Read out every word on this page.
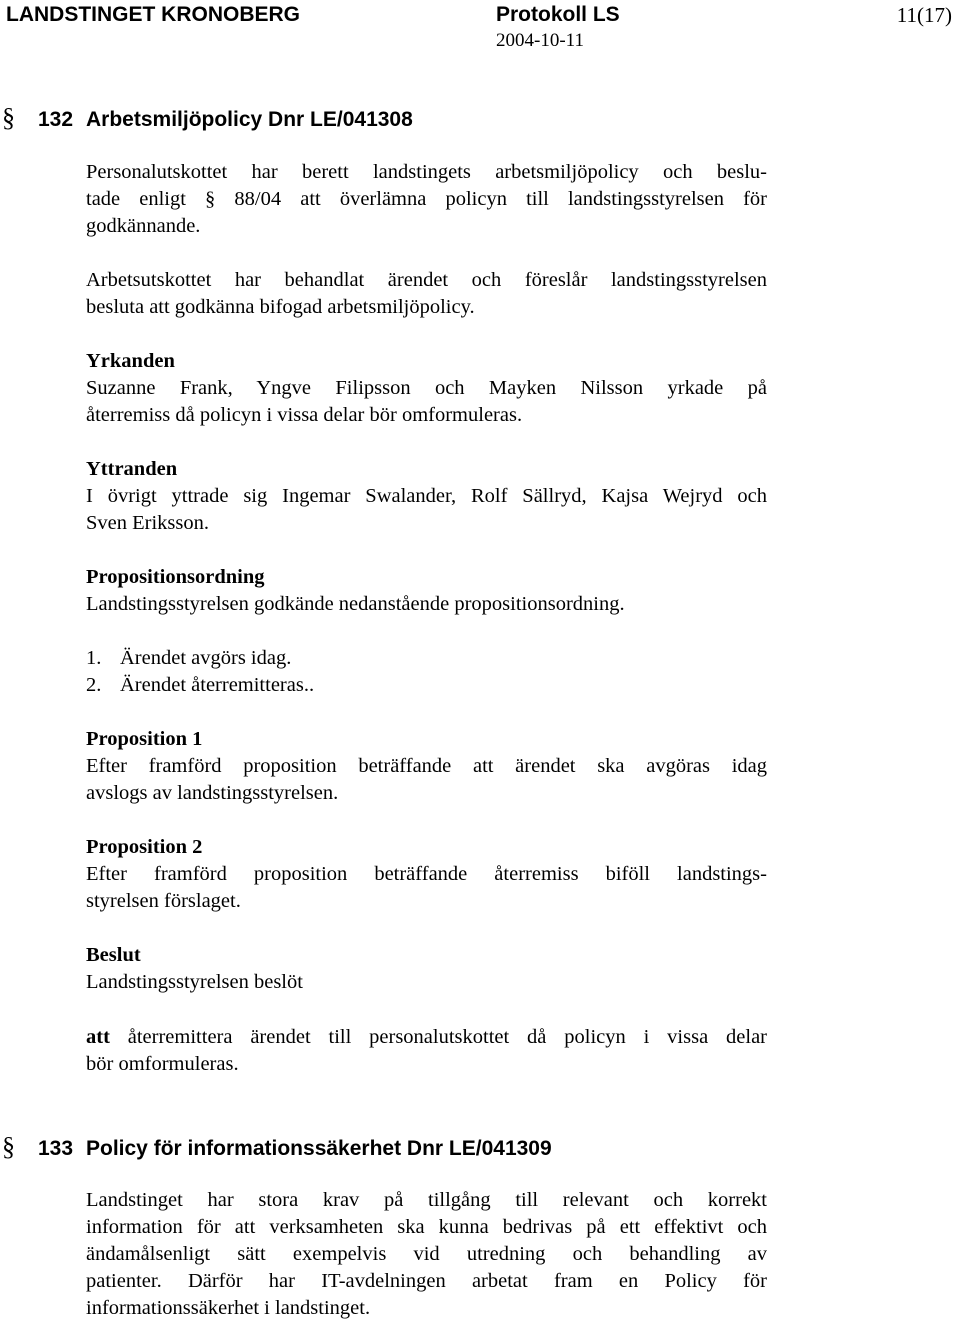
LANDSTINGET KRONOBERG	Protokoll LS
2004-10-11
11(17)
§ 132 Arbetsmiljöpolicy Dnr LE/041308
Personalutskottet har berett landstingets arbetsmiljöpolicy och beslu-
tade enligt § 88/04 att överlämna policyn till landstingsstyrelsen för
godkännande.
Arbetsutskottet har behandlat ärendet och föreslår landstingsstyrelsen
besluta att godkänna bifogad arbetsmiljöpolicy.
Yrkanden
Suzanne Frank, Yngve Filipsson och Mayken Nilsson yrkade på
återremiss då policyn i vissa delar bör omformuleras.
Yttranden
I övrigt yttrade sig Ingemar Swalander, Rolf Sällryd, Kajsa Wejryd och
Sven Eriksson.
Propositionsordning
Landstingsstyrelsen godkände nedanstående propositionsordning.
1. Ärendet avgörs idag.
2. Ärendet återremitteras..
Proposition 1
Efter framförd proposition beträffande att ärendet ska avgöras idag
avslogs av landstingsstyrelsen.
Proposition 2
Efter framförd proposition beträffande återremiss biföll landstings-
styrelsen förslaget.
Beslut
Landstingsstyrelsen beslöt
att återremittera ärendet till personalutskottet då policyn i vissa delar
bör omformuleras.
§ 133 Policy för informationssäkerhet Dnr LE/041309
Landstinget har stora krav på tillgång till relevant och korrekt
information för att verksamheten ska kunna bedrivas på ett effektivt och
ändamålsenligt sätt exempelvis vid utredning och behandling av
patienter. Därför har IT-avdelningen arbetat fram en Policy för
informationssäkerhet i landstinget.
